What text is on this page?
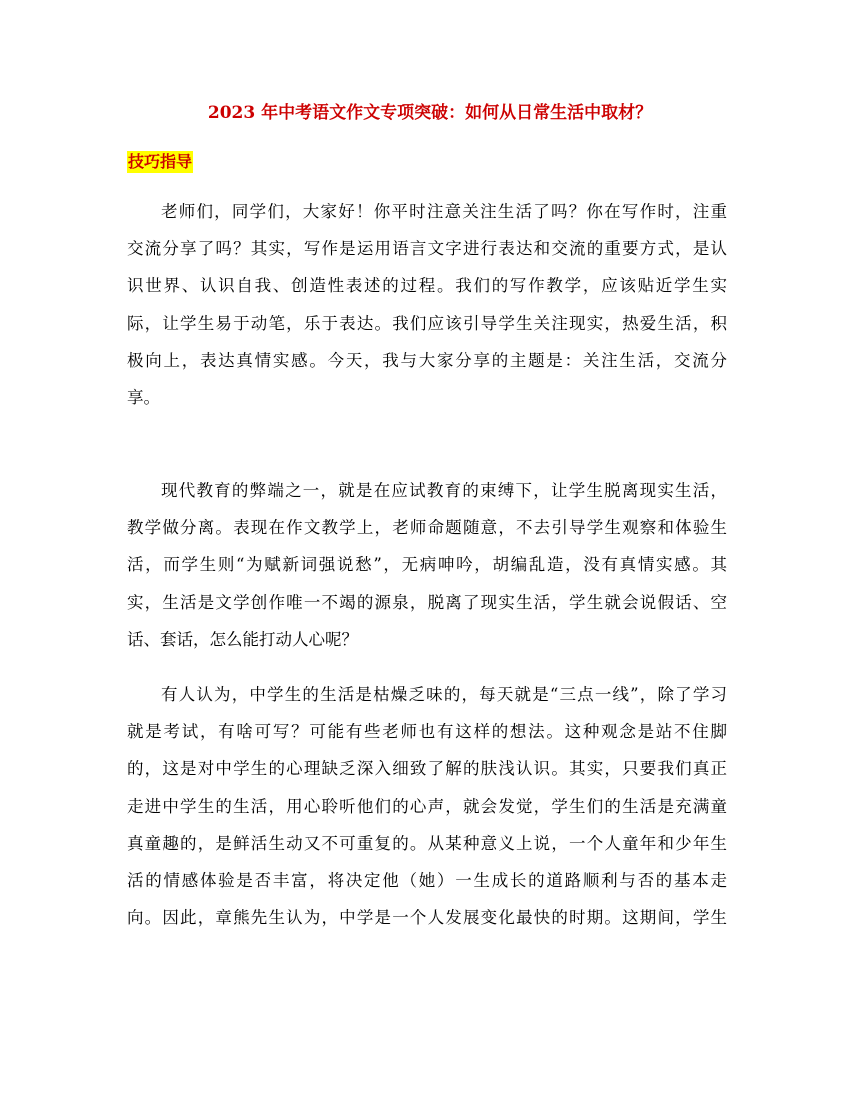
2023 年中考语文作文专项突破：如何从日常生活中取材？
技巧指导
老师们，同学们，大家好！你平时注意关注生活了吗？你在写作时，注重
交流分享了吗？其实，写作是运用语言文字进行表达和交流的重要方式，是认
识世界、认识自我、创造性表述的过程。我们的写作教学，应该贴近学生实
际，让学生易于动笔，乐于表达。我们应该引导学生关注现实，热爱生活，积
极向上，表达真情实感。今天，我与大家分享的主题是：关注生活，交流分
享。
现代教育的弊端之一，就是在应试教育的束缚下，让学生脱离现实生活，
教学做分离。表现在作文教学上，老师命题随意，不去引导学生观察和体验生
活，而学生则“为赋新词强说愁”，无病呻吟，胡编乱造，没有真情实感。其
实，生活是文学创作唯一不竭的源泉，脱离了现实生活，学生就会说假话、空
话、套话，怎么能打动人心呢？
有人认为，中学生的生活是枯燥乏味的，每天就是“三点一线”，除了学习
就是考试，有啥可写？可能有些老师也有这样的想法。这种观念是站不住脚
的，这是对中学生的心理缺乏深入细致了解的肤浅认识。其实，只要我们真正
走进中学生的生活，用心聆听他们的心声，就会发觉，学生们的生活是充满童
真童趣的，是鲜活生动又不可重复的。从某种意义上说，一个人童年和少年生
活的情感体验是否丰富，将决定他（她）一生成长的道路顺利与否的基本走
向。因此，章熊先生认为，中学是一个人发展变化最快的时期。这期间，学生
